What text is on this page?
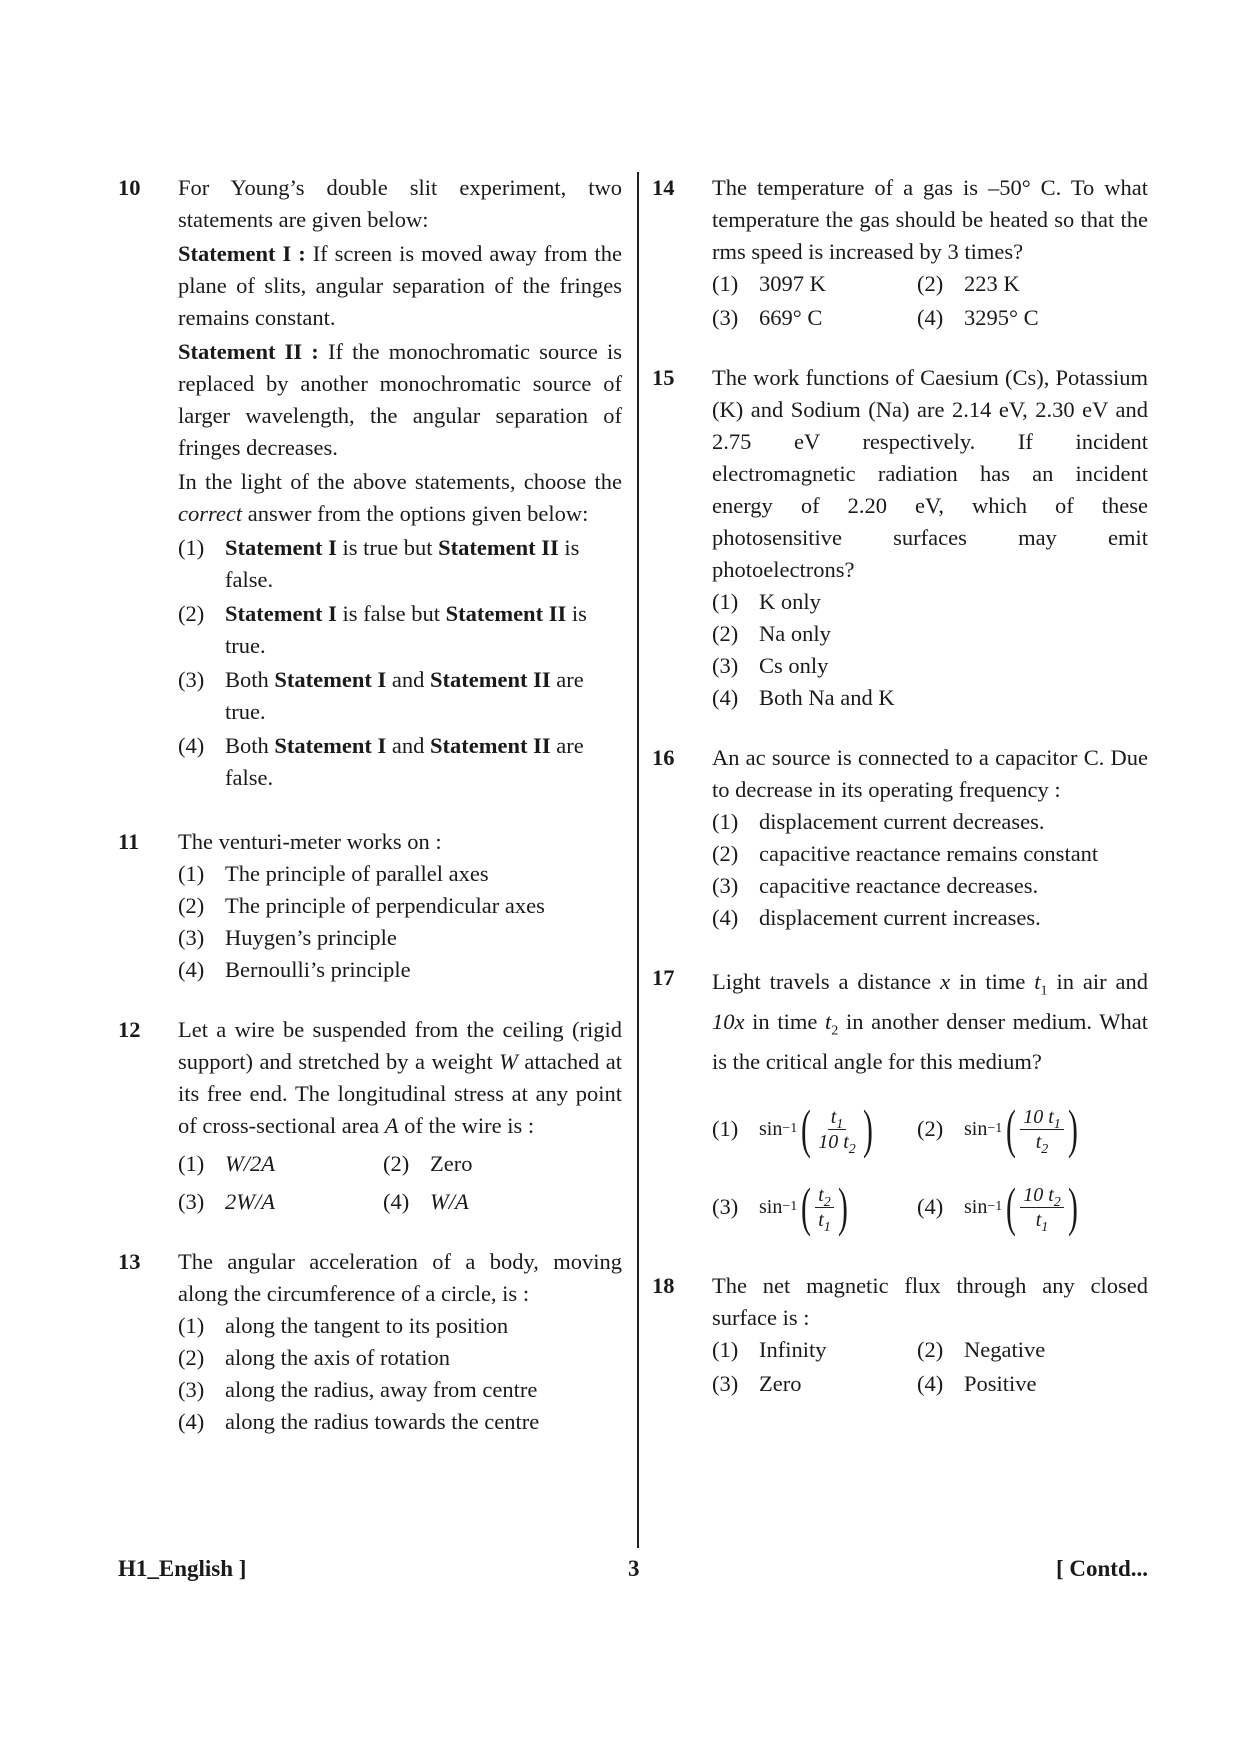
10 For Young’s double slit experiment, two statements are given below:
Statement I : If screen is moved away from the plane of slits, angular separation of the fringes remains constant.
Statement II : If the monochromatic source is replaced by another monochromatic source of larger wavelength, the angular separation of fringes decreases.
In the light of the above statements, choose the correct answer from the options given below:
(1) Statement I is true but Statement II is false.
(2) Statement I is false but Statement II is true.
(3) Both Statement I and Statement II are true.
(4) Both Statement I and Statement II are false.
11 The venturi-meter works on :
(1) The principle of parallel axes
(2) The principle of perpendicular axes
(3) Huygen’s principle
(4) Bernoulli’s principle
12 Let a wire be suspended from the ceiling (rigid support) and stretched by a weight W attached at its free end. The longitudinal stress at any point of cross-sectional area A of the wire is :
(1) W/2A	(2) Zero
(3) 2W/A	(4) W/A
13 The angular acceleration of a body, moving along the circumference of a circle, is :
(1) along the tangent to its position
(2) along the axis of rotation
(3) along the radius, away from centre
(4) along the radius towards the centre
14 The temperature of a gas is –50° C. To what temperature the gas should be heated so that the rms speed is increased by 3 times?
(1) 3097 K	(2) 223 K
(3) 669° C	(4) 3295° C
15 The work functions of Caesium (Cs), Potassium (K) and Sodium (Na) are 2.14 eV, 2.30 eV and 2.75 eV respectively. If incident electromagnetic radiation has an incident energy of 2.20 eV, which of these photosensitive surfaces may emit photoelectrons?
(1) K only
(2) Na only
(3) Cs only
(4) Both Na and K
16 An ac source is connected to a capacitor C. Due to decrease in its operating frequency :
(1) displacement current decreases.
(2) capacitive reactance remains constant
(3) capacitive reactance decreases.
(4) displacement current increases.
17 Light travels a distance x in time $t_1$ in air and 10x in time $t_2$ in another denser medium. What is the critical angle for this medium?
(1) sin −1 ( $\frac{t_1}{10 t_2}$ ) (2) sin −1 ( $\frac{10 t_1}{t_2}$ )
(3) sin −1 ( $\frac{t_2}{t_1}$ )	(4) sin −1 ( $\frac{10 t_2}{t_1}$ )
18 The net magnetic flux through any closed surface is :
(1) Infinity	(2) Negative
(3) Zero	(4) Positive
H1_English ]	3	[ Contd...
